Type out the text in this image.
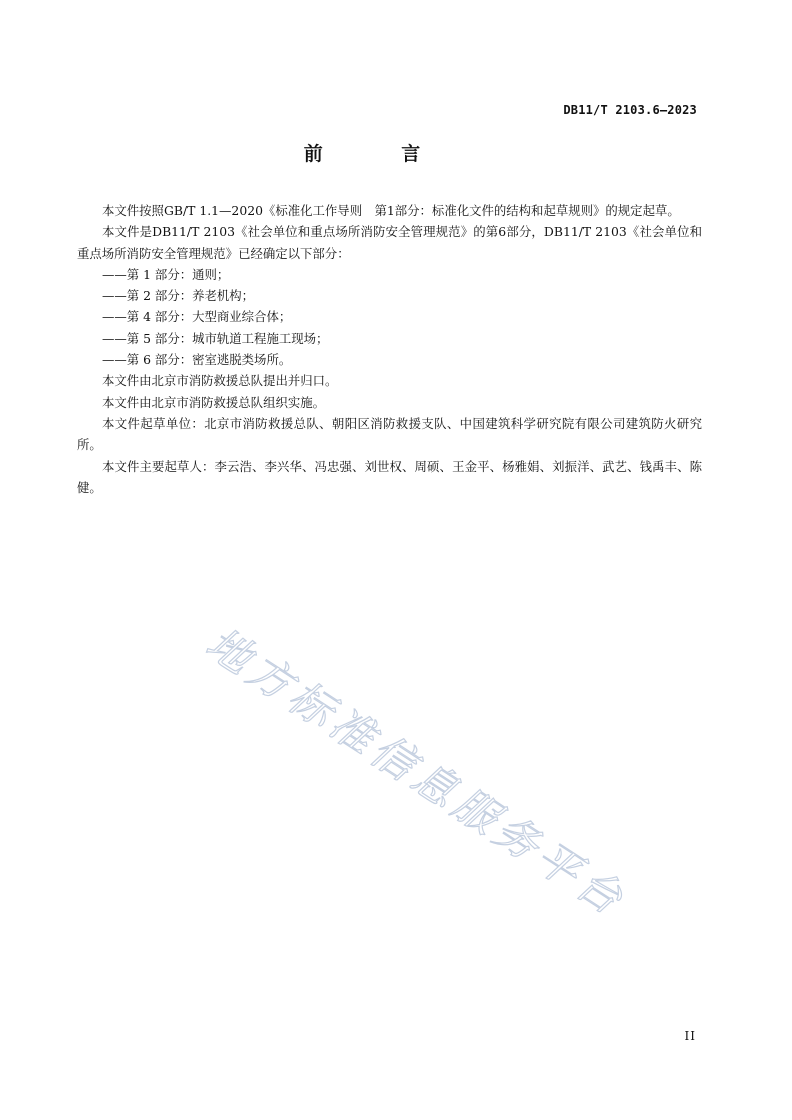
DB11/T 2103.6—2023
前 言

本文件按照GB/T 1.1—2020《标准化工作导则　第1部分：标准化文件的结构和起草规则》的规定起草。

本文件是DB11/T 2103《社会单位和重点场所消防安全管理规范》的第6部分，DB11/T 2103《社会单位和重点场所消防安全管理规范》已经确定以下部分：

——第 1 部分：通则；

——第 2 部分：养老机构；

——第 4 部分：大型商业综合体；

——第 5 部分：城市轨道工程施工现场；

——第 6 部分：密室逃脱类场所。

本文件由北京市消防救援总队提出并归口。

本文件由北京市消防救援总队组织实施。

本文件起草单位：北京市消防救援总队、朝阳区消防救援支队、中国建筑科学研究院有限公司建筑防火研究所。

本文件主要起草人：李云浩、李兴华、冯忠强、刘世权、周硕、王金平、杨雅娟、刘振洋、武艺、钱禹丰、陈健。

地方标准信息服务平台
II
